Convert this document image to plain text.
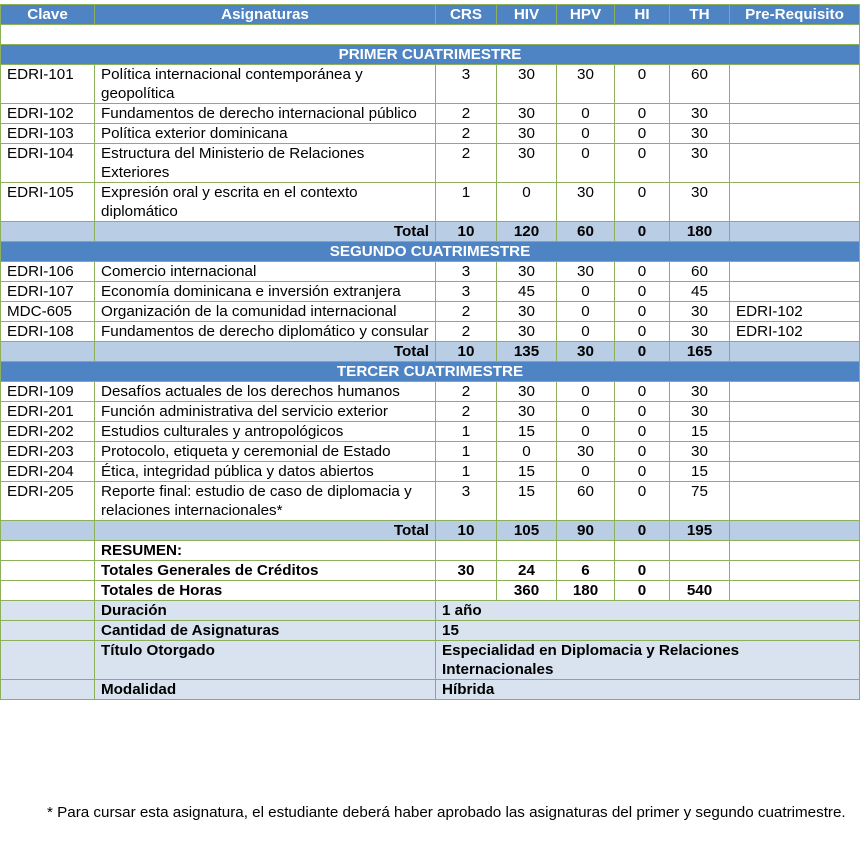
Clave	Asignaturas	CRS	HIV	HPV	HI	TH	Pre-Requisito

PRIMER CUATRIMESTRE							
EDRI-101	Política internacional contemporánea y geopolítica	3	30	30	0	60	
EDRI-102	Fundamentos de derecho internacional público	2	30	0	0	30	
EDRI-103	Política exterior dominicana	2	30	0	0	30	
EDRI-104	Estructura del Ministerio de Relaciones Exteriores	2	30	0	0	30	
EDRI-105	Expresión oral y escrita en el contexto diplomático	1	0	30	0	30	
	Total	10	120	60	0	180	
SEGUNDO CUATRIMESTRE							
EDRI-106	Comercio internacional	3	30	30	0	60	
EDRI-107	Economía dominicana e inversión extranjera	3	45	0	0	45	
MDC-605	Organización de la comunidad internacional	2	30	0	0	30	EDRI-102
EDRI-108	Fundamentos de derecho diplomático y consular	2	30	0	0	30	EDRI-102
	Total	10	135	30	0	165	
TERCER CUATRIMESTRE							
EDRI-109	Desafíos actuales de los derechos humanos	2	30	0	0	30	
EDRI-201	Función administrativa del servicio exterior	2	30	0	0	30	
EDRI-202	Estudios culturales y antropológicos	1	15	0	0	15	
EDRI-203	Protocolo, etiqueta y ceremonial de Estado	1	0	30	0	30	
EDRI-204	Ética, integridad pública y datos abiertos	1	15	0	0	15	
EDRI-205	Reporte final: estudio de caso de diplomacia y relaciones internacionales*	3	15	60	0	75	
	Total	10	105	90	0	195	
	RESUMEN:						
	Totales Generales de Créditos	30	24	6	0		
	Totales de Horas		360	180	0	540	
	Duración	1 año					
	Cantidad de Asignaturas	15					
	Título Otorgado	Especialidad en Diplomacia y Relaciones Internacionales					
	Modalidad	Híbrida					
* Para cursar esta asignatura, el estudiante deberá haber aprobado las asignaturas del primer y segundo cuatrimestre.
